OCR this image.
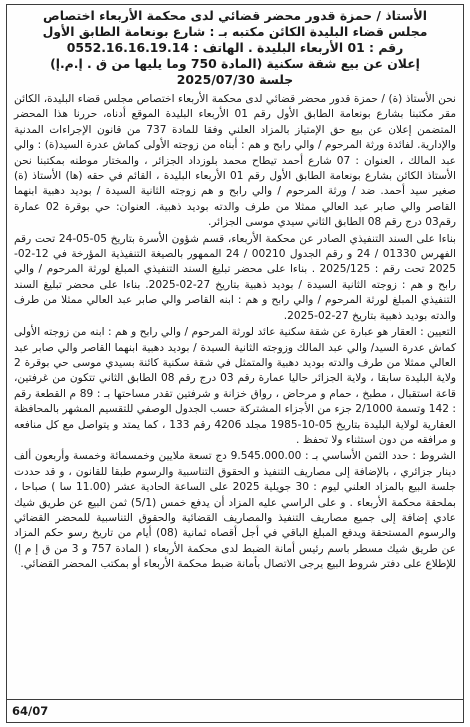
الأستاذ / حمزة قدور محضر قضائي لدى محكمة الأربعاء اختصاص
مجلس قضاء البليدة الكائن مكتبه بـ : شارع بونعامة الطابق الأول
رقم : 01 الأربعاء البليدة . الهاتف : 0552.16.16.19.14
إعلان عن بيع شقة سكنية (المادة 750 وما يليها من ق . إ.م.إ)
جلسة 2025/07/30

نحن الأستاذ (ة) / حمزة قدور محضر قضائي لدى محكمة الأربعاء اختصاص مجلس قضاء البليدة، الكائن مقر مكتبنا بشارع بونعامة الطابق الأول رقم 01 الأربعاء البليدة الموقع أدناه، حررنا هذا المحضر المتضمن إعلان عن بيع حق الإمتياز بالمزاد العلني وفقا للمادة 737 من قانون الإجراءات المدنية والإدارية. لفائدة ورثة المرحوم / والي رابح و هم : أبناه من زوجته الأولى كماش عدرة السيد(ة) : والي عبد المالك ، العنوان : 07 شارع أحمد تيطاح محمد بلوزداد الجزائر ، والمختار موطنه بمكتبنا نحن الأستاذ الكائن بشارع بونعامة الطابق الأول رقم 01 الأربعاء البليدة ، القائم في حقه (ها) الأستاذ (ة) صغير سيد أحمد. ضد / ورثة المرحوم / والي رابح و هم زوجته الثانية السيدة / بوديد دهبية ابنهما القاصر والي صابر عبد العالي ممثلا من طرف والدته بوديد ذهبية. العنوان: حي بوقرة 02 عمارة رقم03 درج رقم 08 الطابق الثاني سيدي موسى الجزائر.

بناءا على السند التنفيذي الصادر عن محكمة الأربعاء، قسم شؤون الأسرة بتاريخ 05-05-24 تحت رقم الفهرس 01330 / 24 و رقم الجدول 00210 / 24 الممهور بالصيغة التنفيذية المؤرخة في 12-02-2025 تحت رقم : 2025/125 . بناءا على محضر تبليغ السند التنفيذي المبلغ لورثة المرحوم / والي رابح و هم : زوجته الثانية السيدة / بوديد ذهبية بتاريخ 27-02-2025. بناءا على محضر تبليغ السند التنفيذي المبلغ لورثة المرحوم / والي رابح و هم : ابنه القاصر والي صابر عبد العالي ممثلا من طرف والدته بوديد ذهبية بتاريخ 27-02-2025.

التعيين : العقار هو عبارة عن شقة سكنية عائد لورثة المرحوم / والي رابح و هم : ابنه من زوجته الأولى كماش عدرة السيد/ والي عبد المالك وزوجته الثانية السيدة / بوديد دهبية ابنهما القاصر والي صابر عبد العالي ممثلا من طرف والدته بوديد دهبية والمتمثل في شقة سكنية كائنة بسيدي موسى حي بوقرة 2 ولاية البليدة سابقا ، ولاية الجزائر حاليا عمارة رقم 03 درج رقم 08 الطابق الثاني تتكون من غرفتين، قاعة استقبال ، مطبخ ، حمام و مرحاض ، رواق خزانة و شرفتين تقدر مساحتها بـ : 89 م القطعة رقم : 142 وتسمة 2/1000 جزء من الأجزاء المشتركة حسب الجدول الوصفي للتقسيم المشهر بالمحافظة العقارية لولاية البليدة بتاريخ 05-10-1985 مجلد 4206 رقم 133 ، كما يمتد و يتواصل مع كل منافعه و مرافقه من دون استثناء ولا تحفظ .

الشروط : حدد الثمن الأساسي بـ : 9.545.000.00 دج تسعة ملايين وخمسمائة وخمسة وأربعون ألف دينار جزائري ، بالإضافة إلى مصاريف التنفيذ و الحقوق التناسبية والرسوم طبقا للقانون ، و قد حددت جلسة البيع بالمزاد العلني ليوم : 30 جويلية 2025 على الساعة الحادية عشر (11.00 سا ) صباحا ، بملحقة محكمة الأربعاء . و على الراسي عليه المزاد أن يدفع خمس (5/1) ثمن البيع عن طريق شيك عادي إضافة إلى جميع مصاريف التنفيذ والمصاريف القضائية والحقوق التناسبية للمحضر القضائي والرسوم المستحقة ويدفع المبلغ الباقي في أجل أقصاه ثمانية (08) أيام من تاريخ رسو حكم المزاد عن طريق شيك مسطر باسم رئيس أمانة الضبط لدى محكمة الأربعاء ( المادة 757 و 3 من ق إ م إ) للإطلاع على دفتر شروط البيع يرجى الاتصال بأمانة ضبط محكمة الأربعاء أو بمكتب المحضر القضائي.

64/07
